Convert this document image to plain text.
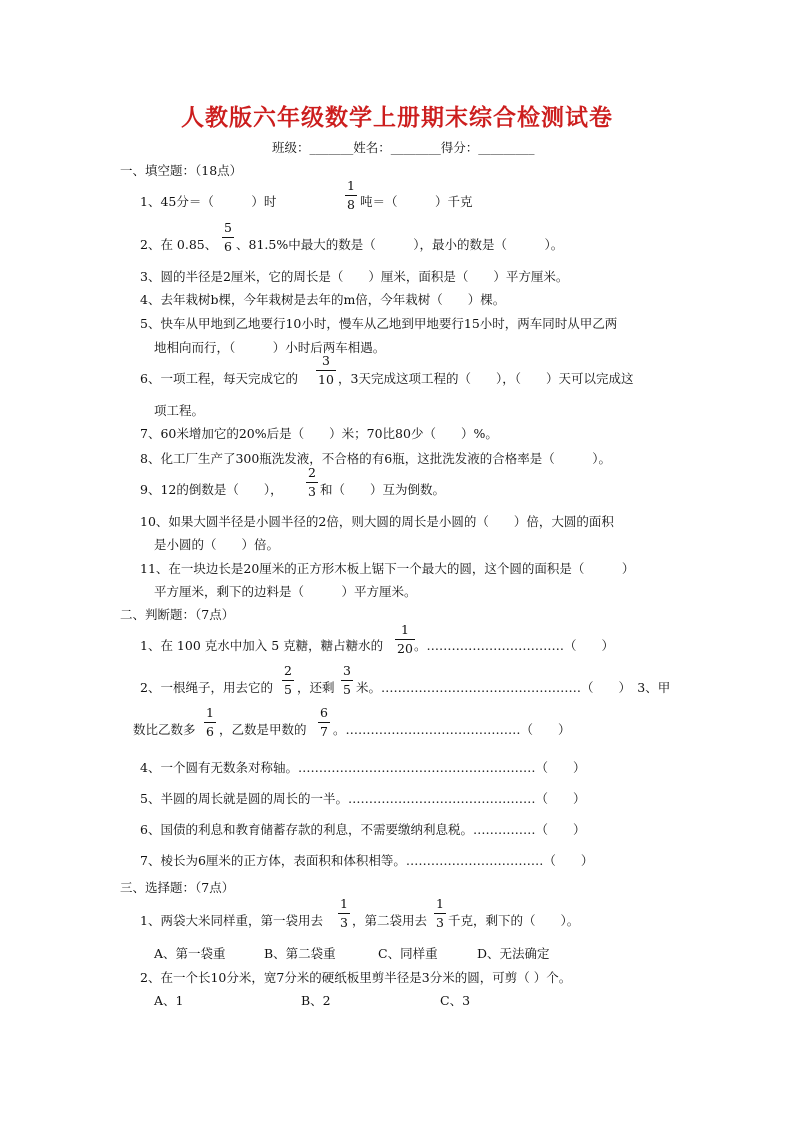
人教版六年级数学上册期末综合检测试卷
班级：_______姓名：________得分：_________
一、填空题：（18点）
1、45分＝（　　　）时
1
8 吨＝（　　　）千克
2、在 0.85、
5
6 、81.5%中最大的数是（　　　），最小的数是（　　　）。
3、圆的半径是2厘米，它的周长是（　　）厘米，面积是（　　）平方厘米。
4、去年栽树b棵，今年栽树是去年的m倍，今年栽树（　　）棵。
5、快车从甲地到乙地要行10小时，慢车从乙地到甲地要行15小时，两车同时从甲乙两
地相向而行，（　　　）小时后两车相遇。
6、一项工程，每天完成它的
3
10 ，3天完成这项工程的（　　），（　　）天可以完成这
项工程。
7、60米增加它的20%后是（　　）米；70比80少（　　）%。
8、化工厂生产了300瓶洗发液，不合格的有6瓶，这批洗发液的合格率是（　　　）。
9、12的倒数是（　　），
2
3 和（　　）互为倒数。
10、如果大圆半径是小圆半径的2倍，则大圆的周长是小圆的（　　）倍，大圆的面积
是小圆的（　　）倍。
11、在一块边长是20厘米的正方形木板上锯下一个最大的圆，这个圆的面积是（　　　）
平方厘米，剩下的边料是（　　　）平方厘米。
二、判断题：（7点）
1、在 100 克水中加入 5 克糖，糖占糖水的
1
20 。……………………………（　　）
2、一根绳子，用去它的
2
5 ，还剩
3
5 米。…………………………………………（　　）　3、甲
数比乙数多
1
6 ，乙数是甲数的
6
7 。……………………………………（　　）
4、一个圆有无数条对称轴。…………………………………………………（　　）
5、半圆的周长就是圆的周长的一半。………………………………………（　　）
6、国债的利息和教育储蓄存款的利息，不需要缴纳利息税。……………（　　）
7、棱长为6厘米的正方体，表面积和体积相等。……………………………（　　）
三、选择题：（7点）
1、两袋大米同样重，第一袋用去
1
3 ，第二袋用去
1
3 千克，剩下的（　　）。
A、第一袋重	B、第二袋重	C、同样重	D、无法确定
2、在一个长10分米，宽7分米的硬纸板里剪半径是3分米的圆，可剪（ ）个。
A、1	B、2	C、3
